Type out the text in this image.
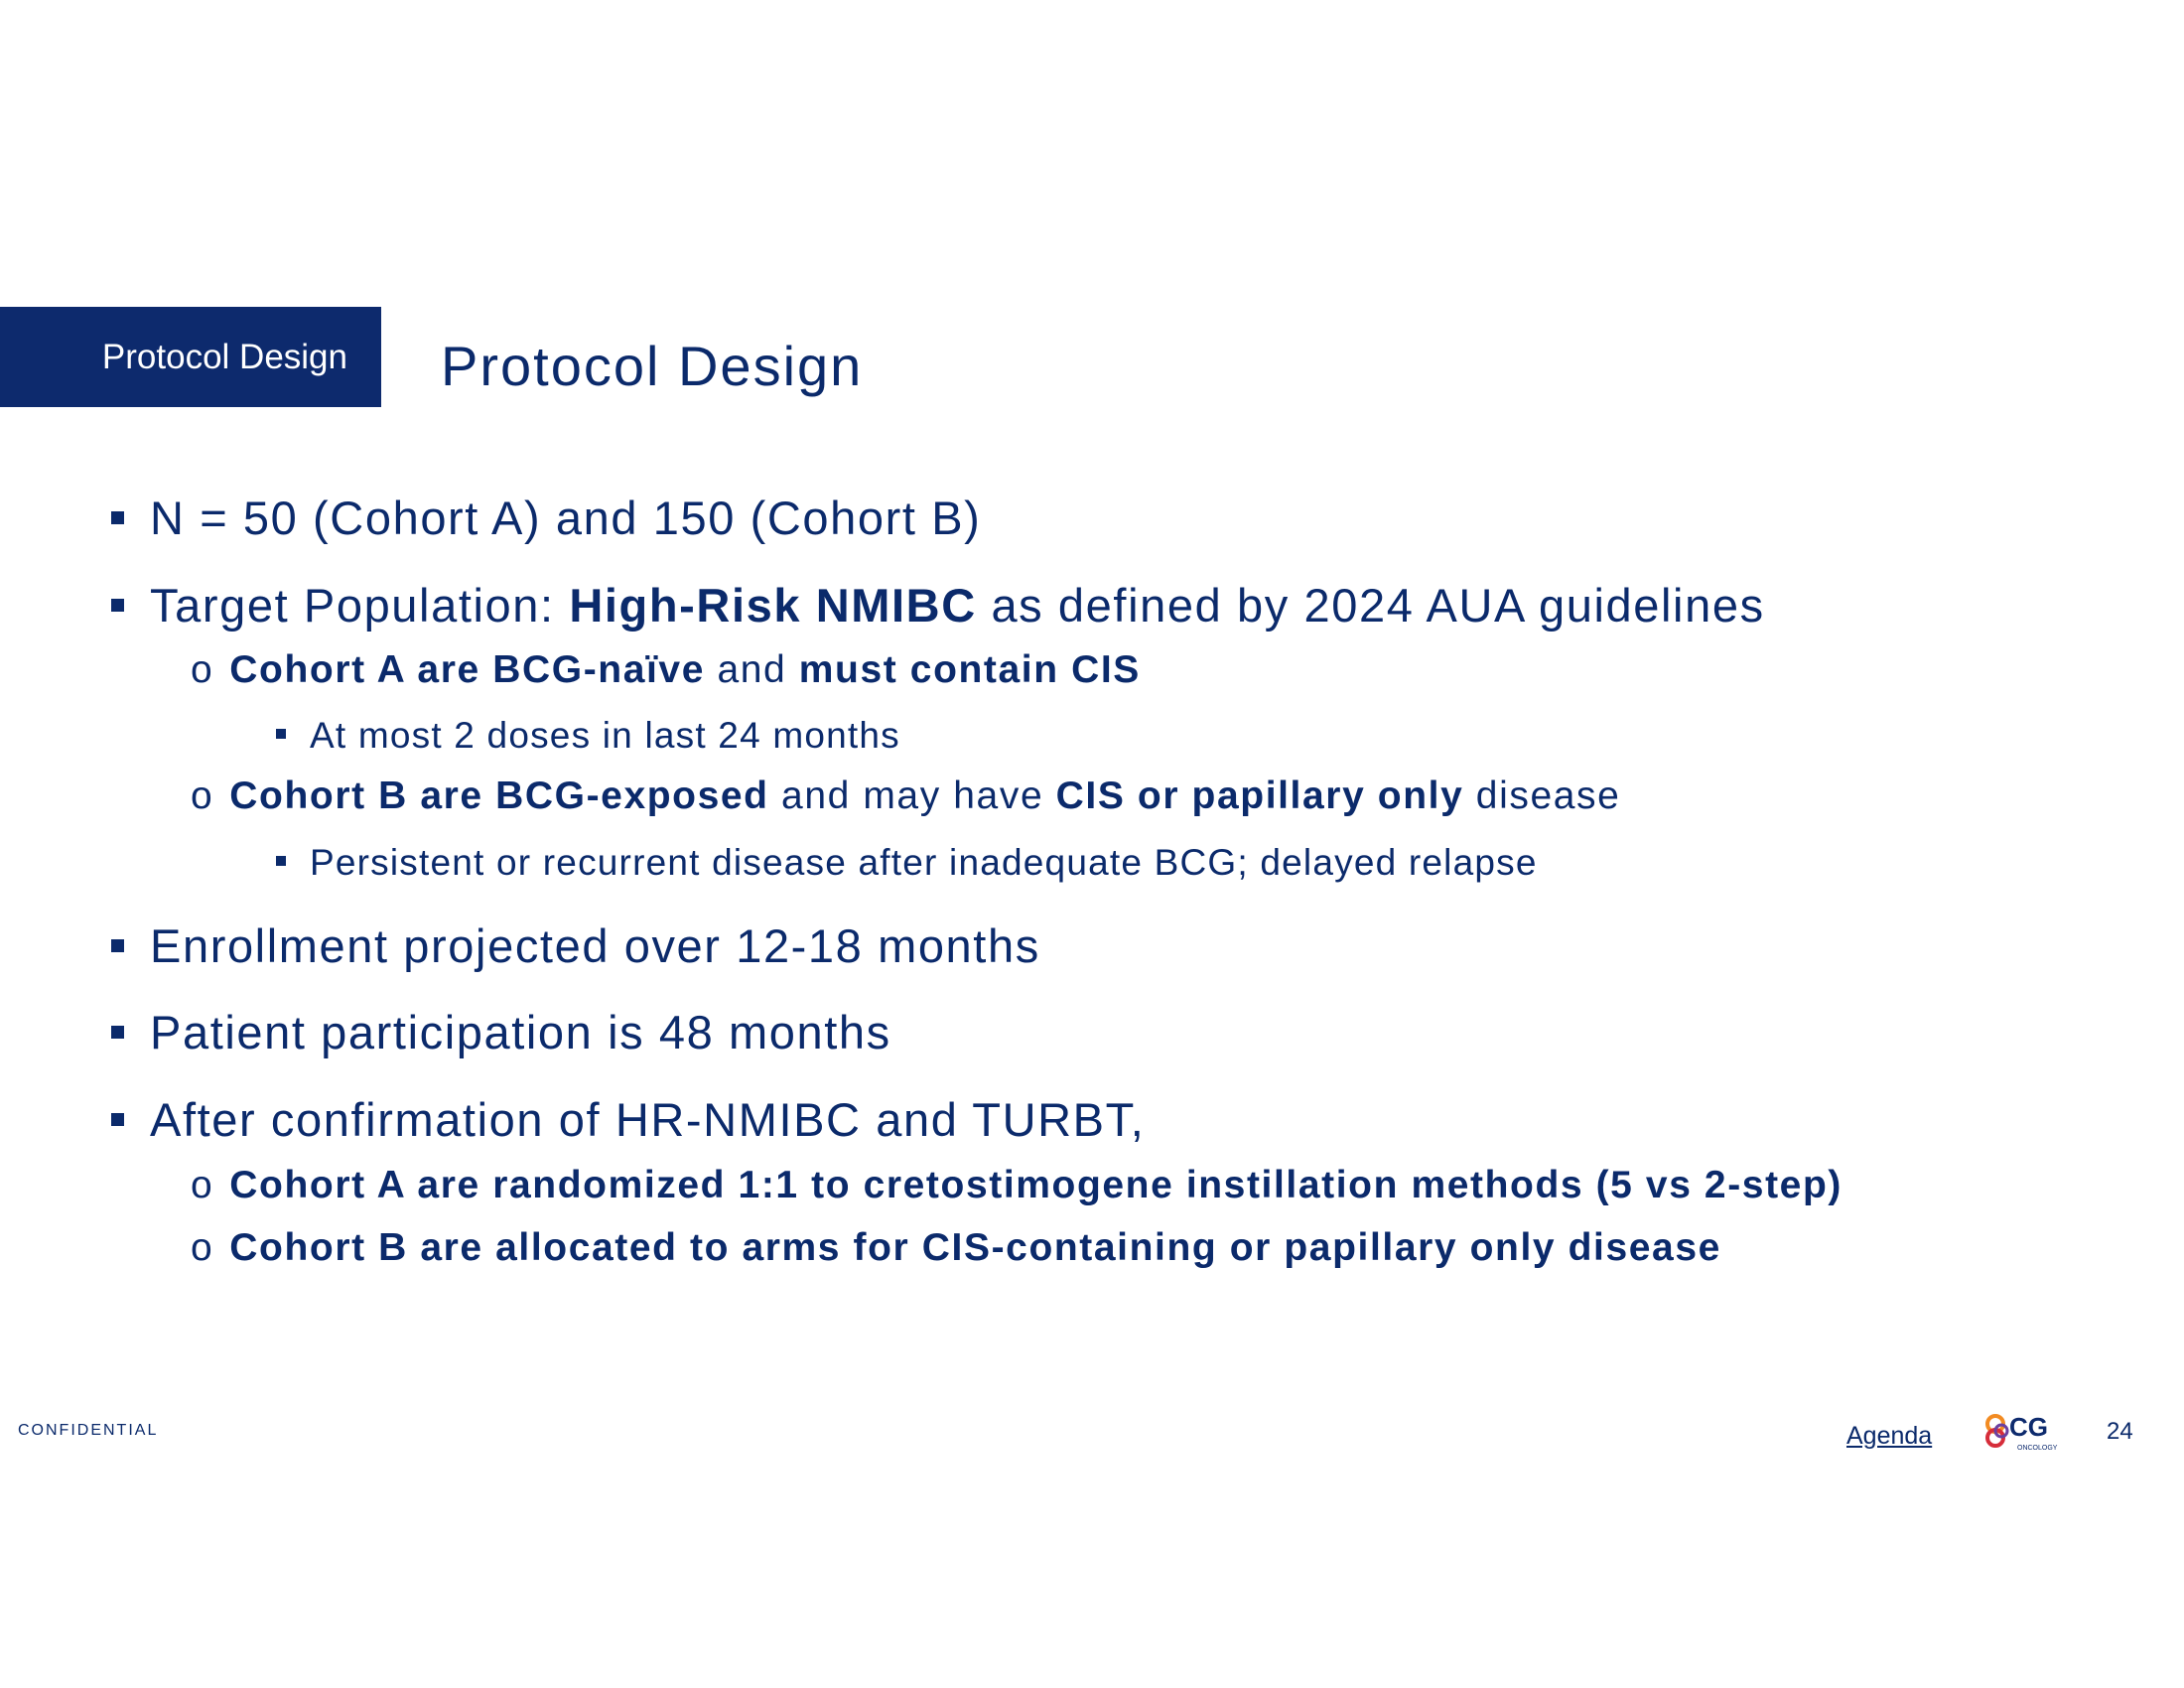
Protocol Design Protocol Design
N = 50 (Cohort A) and 150 (Cohort B)
Target Population: High-Risk NMIBC as defined by 2024 AUA guidelines
o Cohort A are BCG-naïve and must contain CIS
At most 2 doses in last 24 months
o Cohort B are BCG-exposed and may have CIS or papillary only disease
Persistent or recurrent disease after inadequate BCG; delayed relapse
Enrollment projected over 12-18 months
Patient participation is 48 months
After confirmation of HR-NMIBC and TURBT,
o Cohort A are randomized 1:1 to cretostimogene instillation methods (5 vs 2-step)
o Cohort B are allocated to arms for CIS-containing or papillary only disease
CONFIDENTIAL	Agenda	CG
ONCOLOGY
24
